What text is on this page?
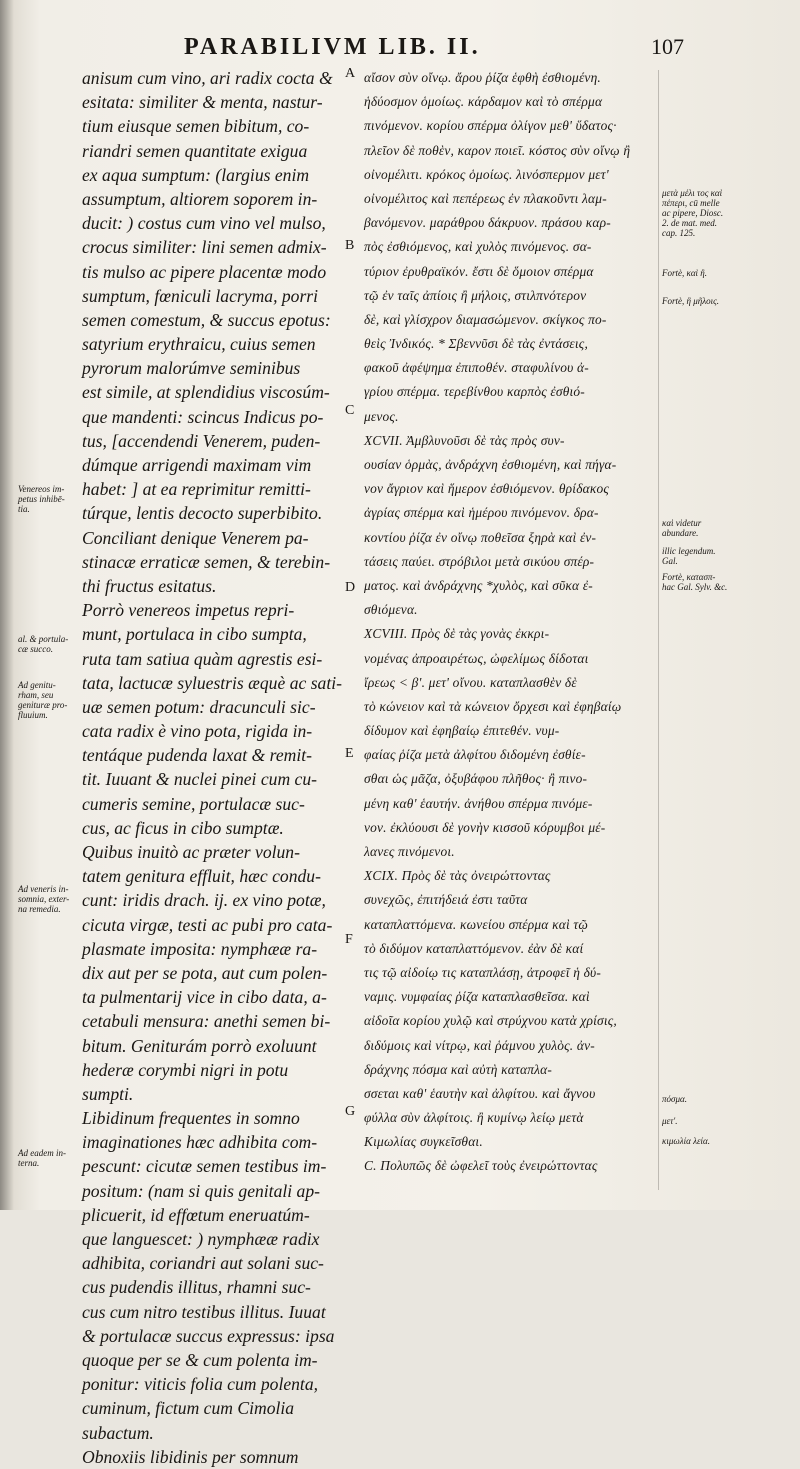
PARABILIVM LIB. II.	107
anisum cum vino, ari radix cocta &
esitata: similiter & menta, nastur-
tium eiusque semen bibitum, co-
riandri semen quantitate exigua
ex aqua sumptum: (largius enim
assumptum, altiorem soporem in-
ducit: ) costus cum vino vel mulso,
crocus similiter: lini semen admix-
tis mulso ac pipere placentæ modo
sumptum, fœniculi lacryma, porri
semen comestum, & succus epotus:
satyrium erythraicu, cuius semen
pyrorum malorúmve seminibus
est simile, at splendidius viscosúm-
que mandenti: scincus Indicus po-
tus, [accendendi Venerem, puden-
dúmque arrigendi maximam vim
habet: ] at ea reprimitur remitti-
túrque, lentis decocto superbibito.
Conciliant denique Venerem pa-
stinacæ erraticæ semen, & terebin-
thi fructus esitatus.
Porrò venereos impetus repri-
munt, portulaca in cibo sumpta,
ruta tam satiua quàm agrestis esi-
tata, lactucæ syluestris æquè ac sati-
uæ semen potum: dracunculi sic-
cata radix è vino pota, rigida in-
tentáque pudenda laxat & remit-
tit. Iuuant & nuclei pinei cum cu-
cumeris semine, portulacæ suc-
cus, ac ficus in cibo sumptæ.
Quibus inuitò ac præter volun-
tatem genitura effluit, hæc condu-
cunt: iridis drach. ij. ex vino potæ,
cicuta virgæ, testi ac pubi pro cata-
plasmate imposita: nymphææ ra-
dix aut per se pota, aut cum polen-
ta pulmentarij vice in cibo data, a-
cetabuli mensura: anethi semen bi-
bitum. Geniturám porrò exoluunt
hederæ corymbi nigri in potu
sumpti.
Libidinum frequentes in somno
imaginationes hæc adhibita com-
pescunt: cicutæ semen testibus im-
positum: (nam si quis genitali ap-
plicuerit, id effœtum eneruatúm-
que languescet: ) nymphææ radix
adhibita, coriandri aut solani suc-
cus pudendis illitus, rhamni suc-
cus cum nitro testibus illitus. Iuuat
& portulacæ succus expressus: ipsa
quoque per se & cum polenta im-
ponitur: viticis folia cum polenta,
cuminum, fictum cum Cimolia
subactum.
Obnoxiis libidinis per somnum
A
B
C
D
E
F
G
αἴσον σὺν οἴνῳ. ἄρου ῥίζα ἑφθὴ ἐσθιομένη.
ἡδύοσμον ὁμοίως. κάρδαμον καὶ τὸ σπέρμα
πινόμενον. κορίου σπέρμα ὀλίγον μεθ' ὕδατος·
πλεῖον δὲ ποθὲν, καρον ποιεῖ. κόστος σὺν οἴνῳ ἢ
οἰνομέλιτι. κρόκος ὁμοίως. λινόσπερμον μετ'
οἰνομέλιτος καὶ πεπέρεως ἐν πλακοῦντι λαμ-
βανόμενον. μαράθρου δάκρυον. πράσου καρ-
πὸς ἐσθιόμενος, καὶ χυλὸς πινόμενος. σα-
τύριον ἐρυθραϊκόν. ἔστι δὲ ὅμοιον σπέρμα
τῷ ἐν ταῖς ἀπίοις ἢ μήλοις, στιλπνότερον
δὲ, καὶ γλίσχρον διαμασώμενον. σκίγκος πο-
θεὶς Ἰνδικός. * Σβεννῦσι δὲ τὰς ἐντάσεις,
φακοῦ ἀφέψημα ἐπιποθέν. σταφυλίνου ἀ-
γρίου σπέρμα. τερεβίνθου καρπὸς ἐσθιό-
μενος.
XCVII. Ἀμβλυνοῦσι δὲ τὰς πρὸς συν-
ουσίαν ὁρμὰς, ἀνδράχνη ἐσθιομένη, καὶ πήγα-
νον ἄγριον καὶ ἥμερον ἐσθιόμενον. θρίδακος
ἀγρίας σπέρμα καὶ ἡμέρου πινόμενον. δρα-
κοντίου ῥίζα ἐν οἴνῳ ποθεῖσα ξηρὰ καὶ ἐν-
τάσεις παύει. στρόβιλοι μετὰ σικύου σπέρ-
ματος. καὶ ἀνδράχνης *χυλὸς, καὶ σῦκα ἐ-
σθιόμενα.
XCVIII. Πρὸς δὲ τὰς γονὰς ἐκκρι-
νομένας ἀπροαιρέτως, ὠφελίμως δίδοται
ἴρεως < β'. μετ' οἴνου. καταπλασθὲν δὲ
τὸ κώνειον καὶ τὰ κώνειον ὄρχεσι καὶ ἐφηβαίῳ
δίδυμον καὶ ἐφηβαίῳ ἐπιτεθέν. νυμ-
φαίας ῥίζα μετὰ ἀλφίτου διδομένη ἐσθίε-
σθαι ὡς μᾶζα, ὀξυβάφου πλῆθος· ἢ πινο-
μένη καθ' ἑαυτήν. ἀνήθου σπέρμα πινόμε-
νον. ἐκλύουσι δὲ γονὴν κισσοῦ κόρυμβοι μέ-
λανες πινόμενοι.
XCIX. Πρὸς δὲ τὰς ὀνειρώττοντας
συνεχῶς, ἐπιτήδειά ἐστι ταῦτα
καταπλαττόμενα. κωνείου σπέρμα καὶ τῷ
τὸ διδύμον καταπλαττόμενον. ἐὰν δὲ καί
τις τῷ αἰδοίῳ τις καταπλάσῃ, ἀτροφεῖ ἡ δύ-
ναμις. νυμφαίας ῥίζα καταπλασθεῖσα. καὶ
αἰδοῖα κορίου χυλῷ καὶ στρύχνου κατὰ χρίσις,
διδύμοις καὶ νίτρῳ, καὶ ῥάμνου χυλὸς. ἀν-
δράχνης πόσμα καὶ αὐτὴ καταπλα-
σσεται καθ' ἑαυτὴν καὶ ἀλφίτου. καὶ ἄγνου
φύλλα σὺν ἀλφίτοις. ἢ κυμίνῳ λείῳ μετὰ
Κιμωλίας συγκεῖσθαι.
C. Πολυπῶς δὲ ὠφελεῖ τοὺς ἐνειρώττοντας
Venereos im-
petus inhibē-
tia.
al. & portula-
cæ succo.
Ad genitu-
rham, seu
genituræ pro-
fluuium.
Ad veneris in-
somnia, exter-
na remedia.
Ad eadem in-
terna.
μετὰ μέλι τος καὶ
πέπερι, cū melle
ac pipere, Diosc.
2. de mat. med.
cap. 125.
Fortè, καὶ ἢ.
Fortè, ἢ μῆλοις.
καὶ videtur
abundare.
illic legendum.
Gal.
Fortè, κατασπ-
hac Gal. Sylv. &c.
πόσμα.
μετ'.
κιμωλία λεία.
